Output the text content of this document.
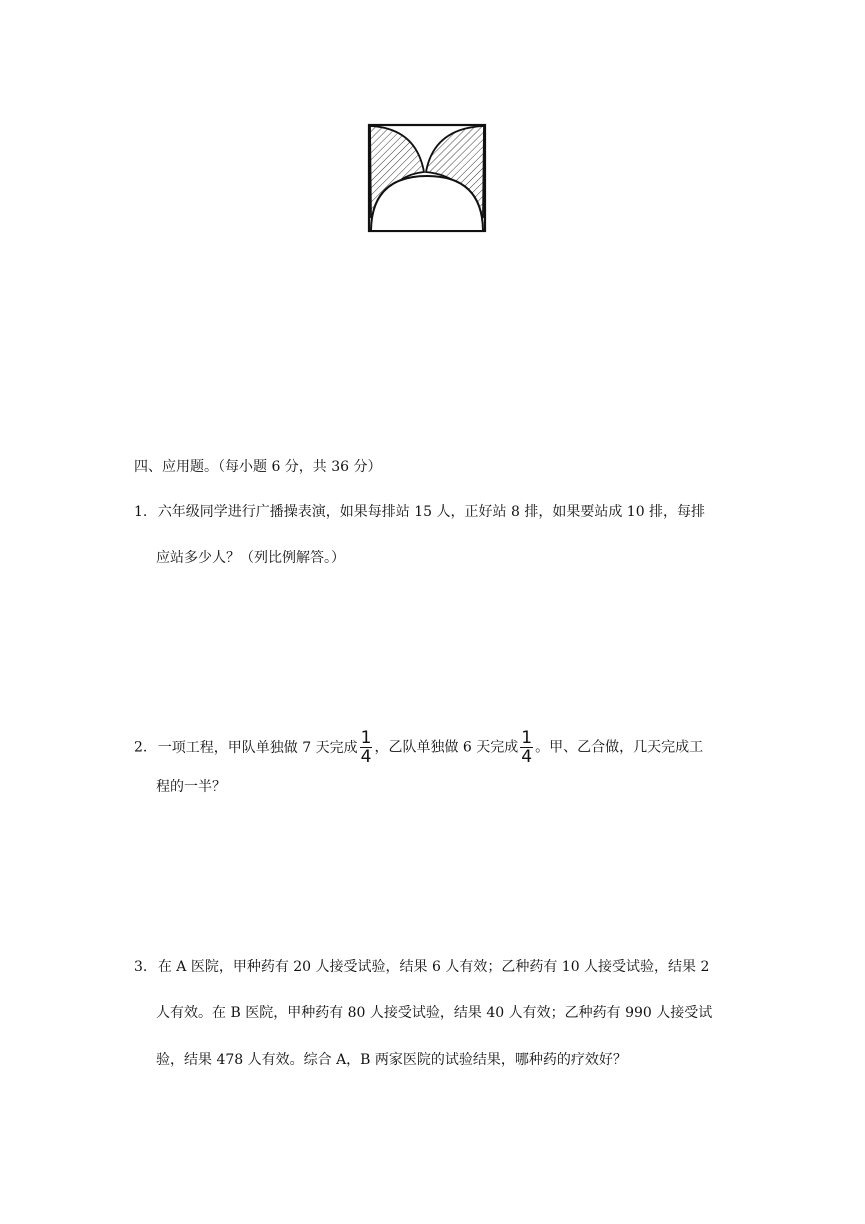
四、应用题。（每小题 6 分，共 36 分）
1. 六年级同学进行广播操表演，如果每排站 15 人，正好站 8 排，如果要站成 10 排，每排
应站多少人？（列比例解答。）
2. 一项工程，甲队单独做 7 天完成 $\frac{1}{4}$ ，乙队单独做 6 天完成 $\frac{1}{4}$ 。甲、乙合做，几天完成工
程的一半？
3. 在 A 医院，甲种药有 20 人接受试验，结果 6 人有效；乙种药有 10 人接受试验，结果 2
人有效。在 B 医院，甲种药有 80 人接受试验，结果 40 人有效；乙种药有 990 人接受试
验，结果 478 人有效。综合 A，B 两家医院的试验结果，哪种药的疗效好？
